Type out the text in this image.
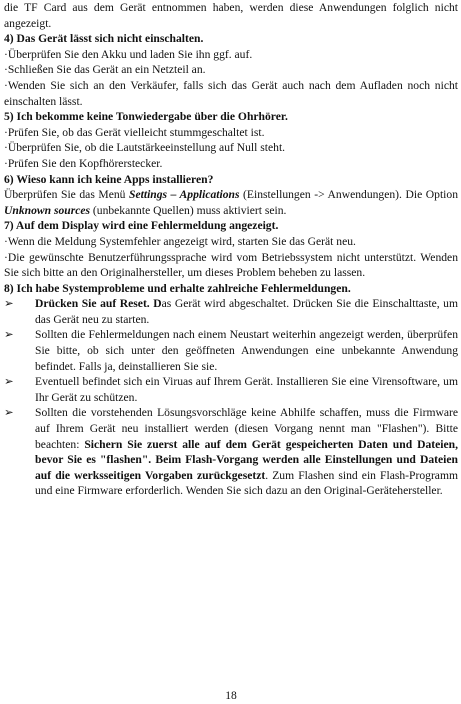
die TF Card aus dem Gerät entnommen haben, werden diese Anwendungen folglich nicht angezeigt.

4) Das Gerät lässt sich nicht einschalten.

·Überprüfen Sie den Akku und laden Sie ihn ggf. auf.

·Schließen Sie das Gerät an ein Netzteil an.

·Wenden Sie sich an den Verkäufer, falls sich das Gerät auch nach dem Aufladen noch nicht einschalten lässt.

5) Ich bekomme keine Tonwiedergabe über die Ohrhörer.

·Prüfen Sie, ob das Gerät vielleicht stummgeschaltet ist.

·Überprüfen Sie, ob die Lautstärkeeinstellung auf Null steht.

·Prüfen Sie den Kopfhörerstecker.

6) Wieso kann ich keine Apps installieren?

Überprüfen Sie das Menü Settings – Applications (Einstellungen -> Anwendungen). Die Option Unknown sources (unbekannte Quellen) muss aktiviert sein.

7) Auf dem Display wird eine Fehlermeldung angezeigt.

·Wenn die Meldung Systemfehler angezeigt wird, starten Sie das Gerät neu.

·Die gewünschte Benutzerführungssprache wird vom Betriebssystem nicht unterstützt. Wenden Sie sich bitte an den Originalhersteller, um dieses Problem beheben zu lassen.

8) Ich habe Systemprobleme und erhalte zahlreiche Fehlermeldungen.

➢	Drücken Sie auf Reset. Das Gerät wird abgeschaltet. Drücken Sie die Einschalttaste, um das Gerät neu zu starten.
➢	Sollten die Fehlermeldungen nach einem Neustart weiterhin angezeigt werden, überprüfen Sie bitte, ob sich unter den geöffneten Anwendungen eine unbekannte Anwendung befindet. Falls ja, deinstallieren Sie sie.
➢	Eventuell befindet sich ein Viruas auf Ihrem Gerät. Installieren Sie eine Virensoftware, um Ihr Gerät zu schützen.
➢	Sollten die vorstehenden Lösungsvorschläge keine Abhilfe schaffen, muss die Firmware auf Ihrem Gerät neu installiert werden (diesen Vorgang nennt man "Flashen"). Bitte beachten: Sichern Sie zuerst alle auf dem Gerät gespeicherten Daten und Dateien, bevor Sie es "flashen". Beim Flash-Vorgang werden alle Einstellungen und Dateien auf die werksseitigen Vorgaben zurückgesetzt. Zum Flashen sind ein Flash-Programm und eine Firmware erforderlich. Wenden Sie sich dazu an den Original-Gerätehersteller.
18
